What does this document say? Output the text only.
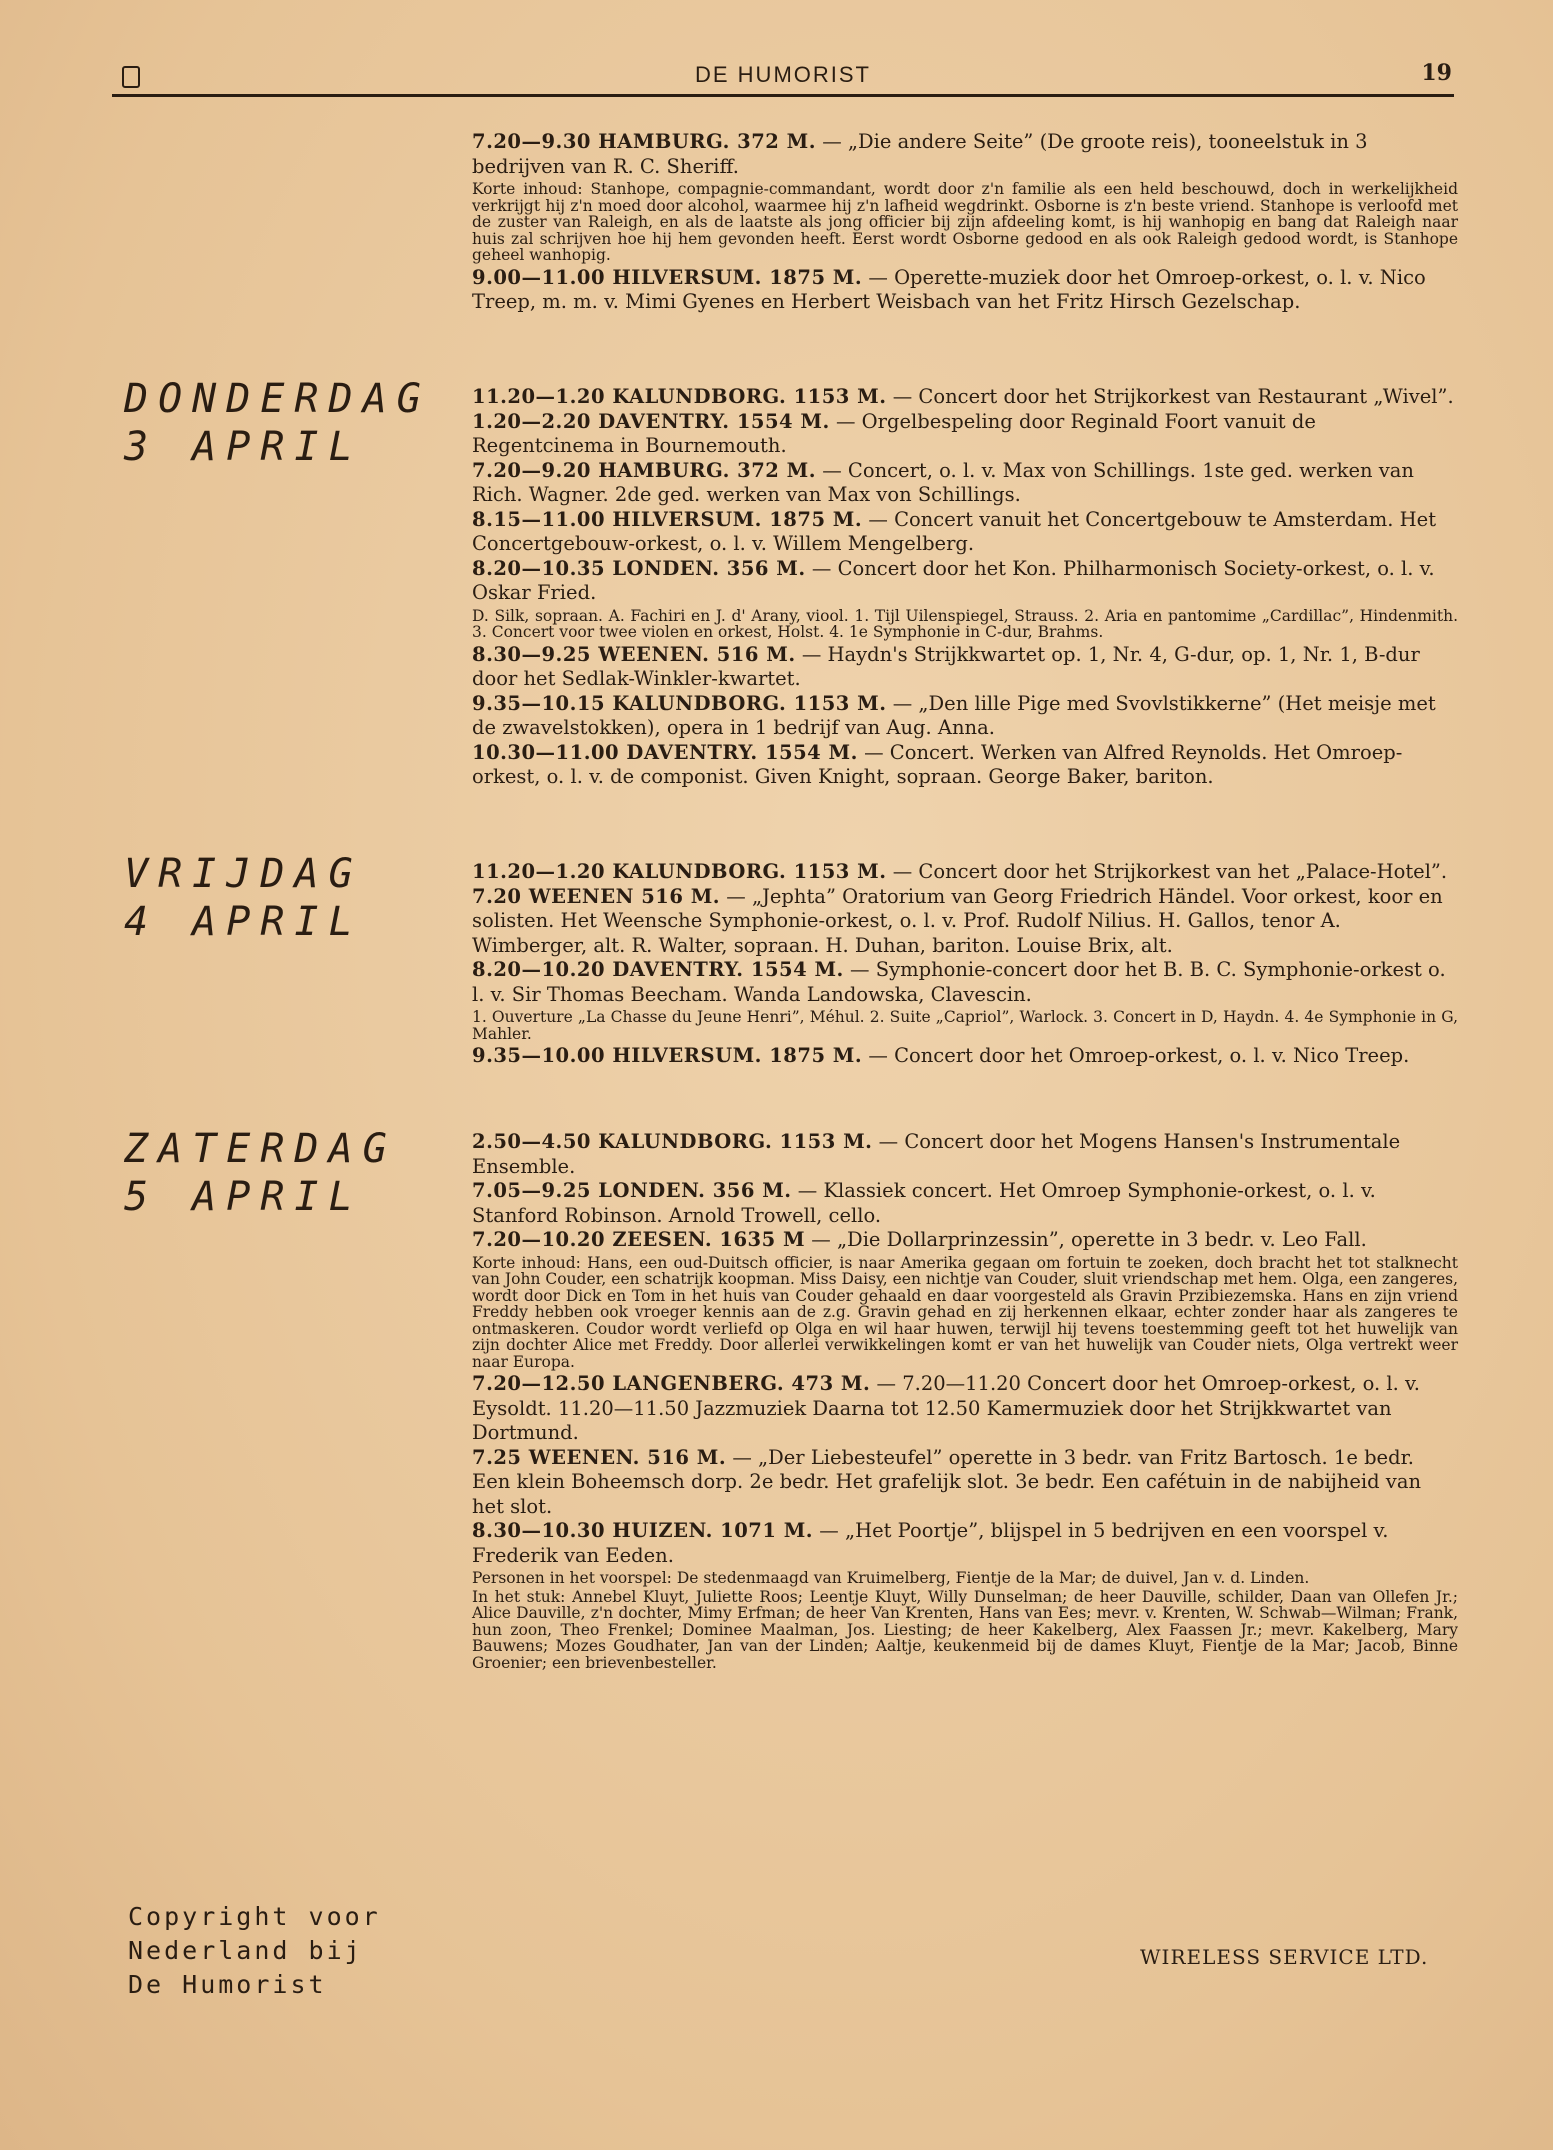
DE HUMORIST	19

7.20—9.30 HAMBURG. 372 M. — „Die andere Seite” (De groote reis), tooneelstuk in 3 bedrijven van R. C. Sheriff.

Korte inhoud: Stanhope, compagnie-commandant, wordt door z'n familie als een held beschouwd, doch in werkelijkheid verkrijgt hij z'n moed door alcohol, waarmee hij z'n lafheid wegdrinkt. Osborne is z'n beste vriend. Stanhope is verloofd met de zuster van Raleigh, en als de laatste als jong officier bij zijn afdeeling komt, is hij wanhopig en bang dat Raleigh naar huis zal schrijven hoe hij hem gevonden heeft. Eerst wordt Osborne gedood en als ook Raleigh gedood wordt, is Stanhope geheel wanhopig.

9.00—11.00 HILVERSUM. 1875 M. — Operette-muziek door het Omroep-orkest, o. l. v. Nico Treep, m. m. v. Mimi Gyenes en Herbert Weisbach van het Fritz Hirsch Gezelschap.

DONDERDAG
3 APRIL

11.20—1.20 KALUNDBORG. 1153 M. — Concert door het Strijkorkest van Restaurant „Wivel”.

1.20—2.20 DAVENTRY. 1554 M. — Orgelbespeling door Reginald Foort vanuit de Regentcinema in Bournemouth.

7.20—9.20 HAMBURG. 372 M. — Concert, o. l. v. Max von Schillings. 1ste ged. werken van Rich. Wagner. 2de ged. werken van Max von Schillings.

8.15—11.00 HILVERSUM. 1875 M. — Concert vanuit het Concertgebouw te Amsterdam. Het Concertgebouw-orkest, o. l. v. Willem Mengelberg.

8.20—10.35 LONDEN. 356 M. — Concert door het Kon. Philharmonisch Society-orkest, o. l. v. Oskar Fried.

D. Silk, sopraan. A. Fachiri en J. d' Arany, viool. 1. Tijl Uilenspiegel, Strauss. 2. Aria en pantomime „Cardillac”, Hindenmith. 3. Concert voor twee violen en orkest, Holst. 4. 1e Symphonie in C-dur, Brahms.

8.30—9.25 WEENEN. 516 M. — Haydn's Strijkkwartet op. 1, Nr. 4, G-dur, op. 1, Nr. 1, B-dur door het Sedlak-Winkler-kwartet.

9.35—10.15 KALUNDBORG. 1153 M. — „Den lille Pige med Svovlstikkerne” (Het meisje met de zwavelstokken), opera in 1 bedrijf van Aug. Anna.

10.30—11.00 DAVENTRY. 1554 M. — Concert. Werken van Alfred Reynolds. Het Omroep-orkest, o. l. v. de componist. Given Knight, sopraan. George Baker, bariton.

VRIJDAG
4 APRIL

11.20—1.20 KALUNDBORG. 1153 M. — Concert door het Strijkorkest van het „Palace-Hotel”.

7.20 WEENEN 516 M. — „Jephta” Oratorium van Georg Friedrich Händel. Voor orkest, koor en solisten. Het Weensche Symphonie-orkest, o. l. v. Prof. Rudolf Nilius. H. Gallos, tenor A. Wimberger, alt. R. Walter, sopraan. H. Duhan, bariton. Louise Brix, alt.

8.20—10.20 DAVENTRY. 1554 M. — Symphonie-concert door het B. B. C. Symphonie-orkest o. l. v. Sir Thomas Beecham. Wanda Landowska, Clavescin.

1. Ouverture „La Chasse du Jeune Henri”, Méhul. 2. Suite „Capriol”, Warlock. 3. Concert in D, Haydn. 4. 4e Symphonie in G, Mahler.

9.35—10.00 HILVERSUM. 1875 M. — Concert door het Omroep-orkest, o. l. v. Nico Treep.

ZATERDAG
5 APRIL

2.50—4.50 KALUNDBORG. 1153 M. — Concert door het Mogens Hansen's Instrumentale Ensemble.

7.05—9.25 LONDEN. 356 M. — Klassiek concert. Het Omroep Symphonie-orkest, o. l. v. Stanford Robinson. Arnold Trowell, cello.

7.20—10.20 ZEESEN. 1635 M — „Die Dollarprinzessin”, operette in 3 bedr. v. Leo Fall.

Korte inhoud: Hans, een oud-Duitsch officier, is naar Amerika gegaan om fortuin te zoeken, doch bracht het tot stalknecht van John Couder, een schatrijk koopman. Miss Daisy, een nichtje van Couder, sluit vriendschap met hem. Olga, een zangeres, wordt door Dick en Tom in het huis van Couder gehaald en daar voorgesteld als Gravin Przibiezemska. Hans en zijn vriend Freddy hebben ook vroeger kennis aan de z.g. Gravin gehad en zij herkennen elkaar, echter zonder haar als zangeres te ontmaskeren. Coudor wordt verliefd op Olga en wil haar huwen, terwijl hij tevens toestemming geeft tot het huwelijk van zijn dochter Alice met Freddy. Door allerlei verwikkelingen komt er van het huwelijk van Couder niets, Olga vertrekt weer naar Europa.

7.20—12.50 LANGENBERG. 473 M. — 7.20—11.20 Concert door het Omroep-orkest, o. l. v. Eysoldt. 11.20—11.50 Jazzmuziek Daarna tot 12.50 Kamermuziek door het Strijkkwartet van Dortmund.

7.25 WEENEN. 516 M. — „Der Liebesteufel” operette in 3 bedr. van Fritz Bartosch. 1e bedr. Een klein Boheemsch dorp. 2e bedr. Het grafelijk slot. 3e bedr. Een cafétuin in de nabijheid van het slot.

8.30—10.30 HUIZEN. 1071 M. — „Het Poortje”, blijspel in 5 bedrijven en een voorspel v. Frederik van Eeden.

Personen in het voorspel: De stedenmaagd van Kruimelberg, Fientje de la Mar; de duivel, Jan v. d. Linden.

In het stuk: Annebel Kluyt, Juliette Roos; Leentje Kluyt, Willy Dunselman; de heer Dauville, schilder, Daan van Ollefen Jr.; Alice Dauville, z'n dochter, Mimy Erfman; de heer Van Krenten, Hans van Ees; mevr. v. Krenten, W. Schwab—Wilman; Frank, hun zoon, Theo Frenkel; Dominee Maalman, Jos. Liesting; de heer Kakelberg, Alex Faassen Jr.; mevr. Kakelberg, Mary Bauwens; Mozes Goudhater, Jan van der Linden; Aaltje, keukenmeid bij de dames Kluyt, Fientje de la Mar; Jacob, Binne Groenier; een brievenbesteller.

Copyright voor
Nederland bij
De Humorist
WIRELESS SERVICE LTD.
